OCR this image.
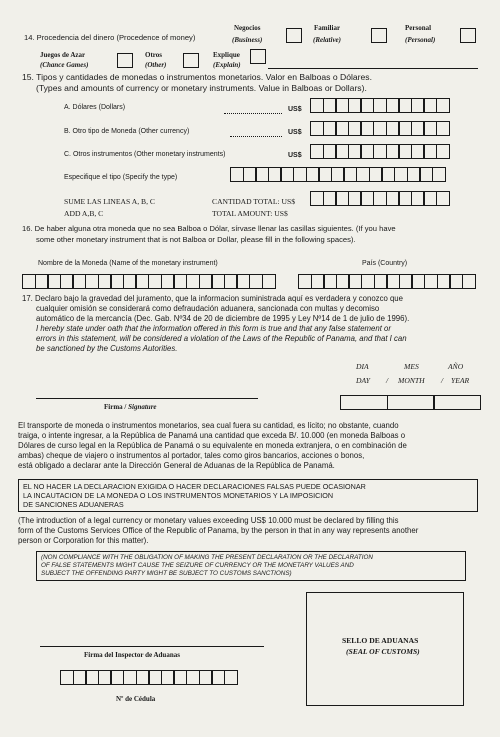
14. Procedencia del dinero (Procedence of money)
Negocios
(Business)
Familiar
(Relative)
Personal
(Personal)
Juegos de Azar
(Chance Games)
Otros
(Other)
Explique
(Explain)
15. Tipos y cantidades de monedas o instrumentos monetarios. Valor en Balboas o Dólares.
(Types and amounts of currency or monetary instruments. Value in Balboas or Dollars).
A. Dólares (Dollars)	US$
B. Otro tipo de Moneda (Other currency)	US$
C. Otros instrumentos (Other monetary instruments)	US$
Especifique el tipo (Specify the type)
SUME LAS LINEAS A, B, C
ADD A,B, C
CANTIDAD TOTAL: US$
TOTAL AMOUNT: US$
16. De haber alguna otra moneda que no sea Balboa o Dólar, sírvase llenar las casillas siguientes. (If you have
some other monetary instrument that is not Balboa or Dollar, please fill in the following spaces).
Nombre de la Moneda (Name of the monetary instrument)	País (Country)
17. Declaro bajo la gravedad del juramento, que la informacion suministrada aquí es verdadera y conozco que
cualquier omisión se considerará como defraudación aduanera, sancionada con multas y decomiso
automático de la mercancía (Dec. Gab. Nº34 de 20 de diciembre de 1995 y Ley Nº14 de 1 de julio de 1996).
I hereby state under oath that the information offered in this form is true and that any false statement or
errors in this statement, will be considered a violation of the Laws of the Republic of Panama, and that I can
be sanctioned by the Customs Autorities.
DIA	MES	AÑO
DAY / MONTH / YEAR
Firma / Signature
El transporte de moneda o instrumentos monetarios, sea cual fuera su cantidad, es lícito; no obstante, cuando
traiga, o intente ingresar, a la República de Panamá una cantidad que exceda B/. 10.000 (en moneda Balboas o
Dólares de curso legal en la República de Panamá o su equivalente en moneda extranjera, o en combinación de
ambas) cheque de viajero o instrumentos al portador, tales como giros bancarios, acciones o bonos,
está obligado a declarar ante la Dirección General de Aduanas de la República de Panamá.
EL NO HACER LA DECLARACION EXIGIDA O HACER DECLARACIONES FALSAS PUEDE OCASIONAR
LA INCAUTACION DE LA MONEDA O LOS INSTRUMENTOS MONETARIOS Y LA IMPOSICION
DE SANCIONES ADUANERAS
(The introduction of a legal currency or monetary values exceeding US$ 10.000 must be declared by filling this
form of the Customs Services Office of the Republic of Panama, by the person in that in any way represents another
person or Corporation for this matter).
(NON COMPLIANCE WITH THE OBLIGATION OF MAKING THE PRESENT DECLARATION OR THE DECLARATION
OF FALSE STATEMENTS MIGHT CAUSE THE SEIZURE OF CURRENCY OR THE MONETARY VALUES AND
SUBJECT THE OFFENDING PARTY MIGHT BE SUBJECT TO CUSTOMS SANCTIONS)
SELLO DE ADUANAS
(SEAL OF CUSTOMS)
Firma del Inspector de Aduanas
Nº de Cédula
